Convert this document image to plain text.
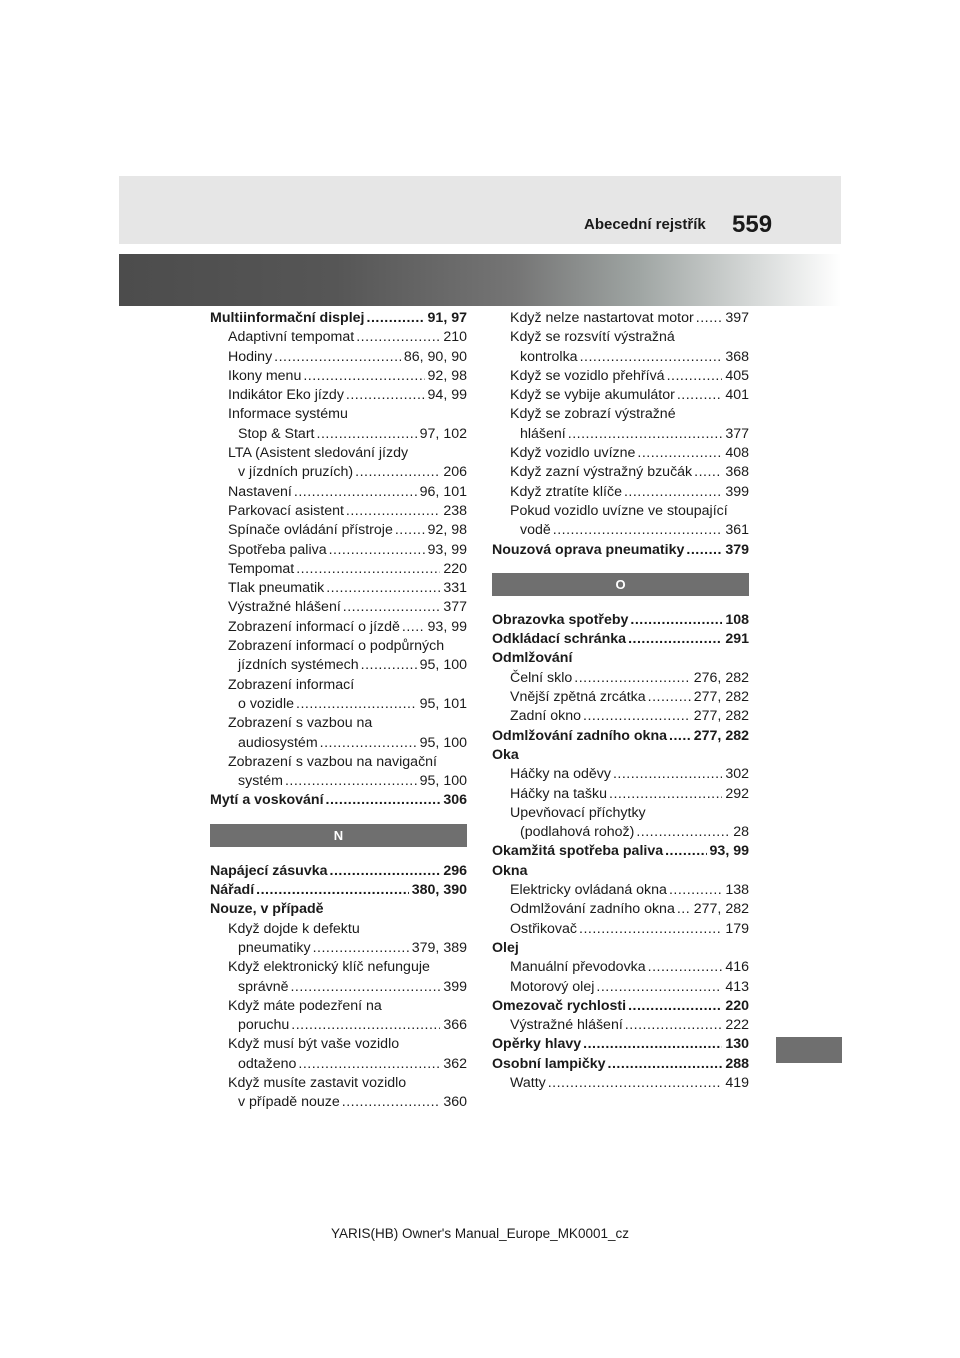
Abecední rejstřík 559
Multiinformační displej .....	91, 97
Adaptivní tempomat .....	210
Hodiny .....	86, 90, 90
Ikony menu .....	92, 98
Indikátor Eko jízdy .....	94, 99
Informace systému
Stop & Start .....	97, 102
LTA (Asistent sledování jízdy
v jízdních pruzích) .....	206
Nastavení .....	96, 101
Parkovací asistent .....	238
Spínače ovládání přístroje ..... 92, 98
Spotřeba paliva .....	93, 99
Tempomat .....	220
Tlak pneumatik .....	331
Výstražné hlášení .....	377
Zobrazení informací o jízdě ..... 93, 99
Zobrazení informací o podpůrných
jízdních systémech .....	95, 100
Zobrazení informací
o vozidle .....	95, 101
Zobrazení s vazbou na
audiosystém .....	95, 100
Zobrazení s vazbou na navigační
systém .....	95, 100
Mytí a voskování .....	306
N
Napájecí zásuvka .....	296
Nářadí .....	380, 390
Nouze, v případě
Když dojde k defektu
pneumatiky .....	379, 389
Když elektronický klíč nefunguje
správně .....	399
Když máte podezření na
poruchu .....	366
Když musí být vaše vozidlo
odtaženo .....	362
Když musíte zastavit vozidlo
v případě nouze .....	360
Když nelze nastartovat motor ..... 397
Když se rozsvítí výstražná
kontrolka .....	368
Když se vozidlo přehřívá .....	405
Když se vybije akumulátor .....	401
Když se zobrazí výstražné
hlášení .....	377
Když vozidlo uvízne .....	408
Když zazní výstražný bzučák ..... 368
Když ztratíte klíče .....	399
Pokud vozidlo uvízne ve stoupající
vodě .....	361
Nouzová oprava pneumatiky .....	379
O
Obrazovka spotřeby .....	108
Odkládací schránka .....	291
Odmlžování
Čelní sklo .....	276, 282
Vnější zpětná zrcátka .....	277, 282
Zadní okno .....	277, 282
Odmlžování zadního okna ..... 277, 282
Oka
Háčky na oděvy .....	302
Háčky na tašku .....	292
Upevňovací příchytky
(podlahová rohož) .....	28
Okamžitá spotřeba paliva .....	93, 99
Okna
Elektricky ovládaná okna .....	138
Odmlžování zadního okna ..... 277, 282
Ostřikovač .....	179
Olej
Manuální převodovka .....	416
Motorový olej .....	413
Omezovač rychlosti .....	220
Výstražné hlášení .....	222
Opěrky hlavy .....	130
Osobní lampičky .....	288
Watty .....	419
YARIS(HB) Owner's Manual_Europe_MK0001_cz
